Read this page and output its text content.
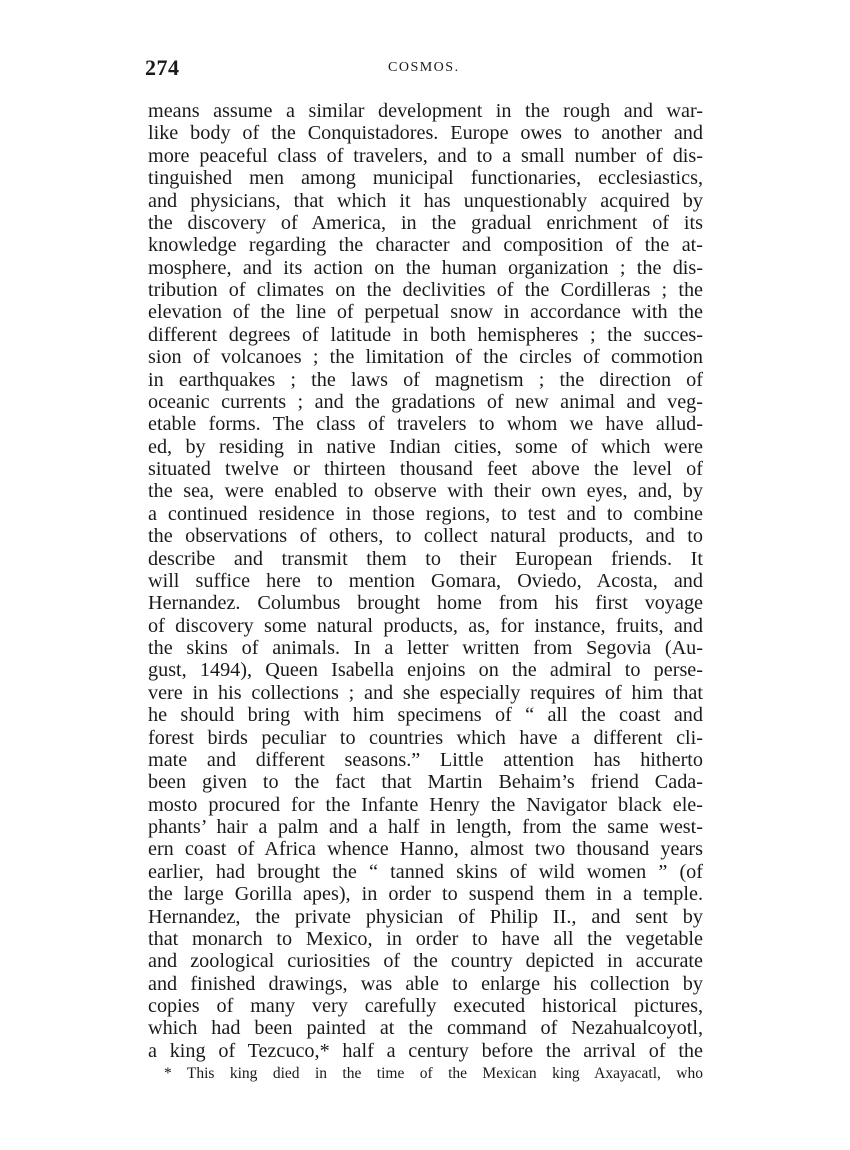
274	COSMOS.
means assume a similar development in the rough and war-
like body of the Conquistadores. Europe owes to another and
more peaceful class of travelers, and to a small number of dis-
tinguished men among municipal functionaries, ecclesiastics,
and physicians, that which it has unquestionably acquired by
the discovery of America, in the gradual enrichment of its
knowledge regarding the character and composition of the at-
mosphere, and its action on the human organization ; the dis-
tribution of climates on the declivities of the Cordilleras ; the
elevation of the line of perpetual snow in accordance with the
different degrees of latitude in both hemispheres ; the succes-
sion of volcanoes ; the limitation of the circles of commotion
in earthquakes ; the laws of magnetism ; the direction of
oceanic currents ; and the gradations of new animal and veg-
etable forms. The class of travelers to whom we have allud-
ed, by residing in native Indian cities, some of which were
situated twelve or thirteen thousand feet above the level of
the sea, were enabled to observe with their own eyes, and, by
a continued residence in those regions, to test and to combine
the observations of others, to collect natural products, and to
describe and transmit them to their European friends. It
will suffice here to mention Gomara, Oviedo, Acosta, and
Hernandez. Columbus brought home from his first voyage
of discovery some natural products, as, for instance, fruits, and
the skins of animals. In a letter written from Segovia (Au-
gust, 1494), Queen Isabella enjoins on the admiral to perse-
vere in his collections ; and she especially requires of him that
he should bring with him specimens of “ all the coast and
forest birds peculiar to countries which have a different cli-
mate and different seasons.” Little attention has hitherto
been given to the fact that Martin Behaim’s friend Cada-
mosto procured for the Infante Henry the Navigator black ele-
phants’ hair a palm and a half in length, from the same west-
ern coast of Africa whence Hanno, almost two thousand years
earlier, had brought the “ tanned skins of wild women ” (of
the large Gorilla apes), in order to suspend them in a temple.
Hernandez, the private physician of Philip II., and sent by
that monarch to Mexico, in order to have all the vegetable
and zoological curiosities of the country depicted in accurate
and finished drawings, was able to enlarge his collection by
copies of many very carefully executed historical pictures,
which had been painted at the command of Nezahualcoyotl,
a king of Tezcuco,* half a century before the arrival of the
* This king died in the time of the Mexican king Axayacatl, who
